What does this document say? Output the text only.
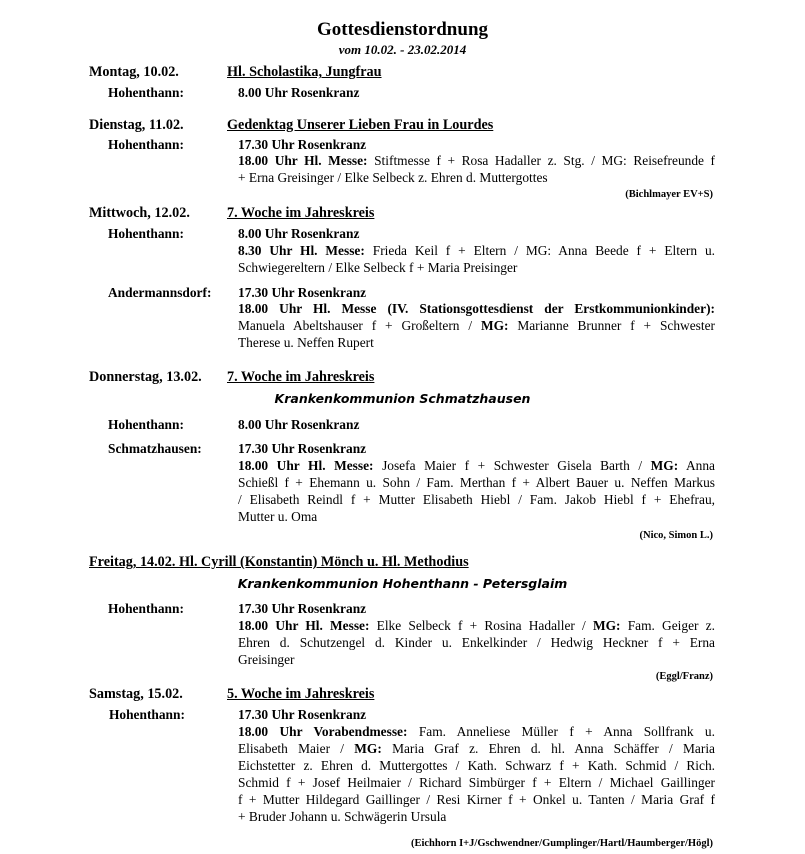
Gottesdienstordnung
vom 10.02. - 23.02.2014
Montag, 10.02.	Hl. Scholastika, Jungfrau
Hohenthann:	8.00 Uhr Rosenkranz
Dienstag, 11.02.	Gedenktag Unserer Lieben Frau in Lourdes
Hohenthann:	17.30 Uhr Rosenkranz
18.00 Uhr Hl. Messe: Stiftmesse f + Rosa Hadaller z. Stg. / MG: Reisefreunde f
+ Erna Greisinger / Elke Selbeck z. Ehren d. Muttergottes
(Bichlmayer EV+S)
Mittwoch, 12.02.	7. Woche im Jahreskreis
Hohenthann:	8.00 Uhr Rosenkranz
8.30 Uhr Hl. Messe: Frieda Keil f + Eltern / MG: Anna Beede f + Eltern u.
Schwiegereltern / Elke Selbeck f + Maria Preisinger
Andermannsdorf: 17.30 Uhr Rosenkranz
18.00 Uhr Hl. Messe (IV. Stationsgottesdienst der Erstkommunionkinder):
Manuela Abeltshauser f + Großeltern / MG: Marianne Brunner f + Schwester
Therese u. Neffen Rupert
Donnerstag, 13.02. 7. Woche im Jahreskreis
Krankenkommunion Schmatzhausen
Hohenthann:	8.00 Uhr Rosenkranz
Schmatzhausen:	17.30 Uhr Rosenkranz
18.00 Uhr Hl. Messe: Josefa Maier f + Schwester Gisela Barth / MG: Anna
Schießl f + Ehemann u. Sohn / Fam. Merthan f + Albert Bauer u. Neffen Markus
/ Elisabeth Reindl f + Mutter Elisabeth Hiebl / Fam. Jakob Hiebl f + Ehefrau,
Mutter u. Oma
(Nico, Simon L.)
Freitag, 14.02. Hl. Cyrill (Konstantin) Mönch u. Hl. Methodius
Krankenkommunion Hohenthann - Petersglaim
Hohenthann:	17.30 Uhr Rosenkranz
18.00 Uhr Hl. Messe: Elke Selbeck f + Rosina Hadaller / MG: Fam. Geiger z.
Ehren d. Schutzengel d. Kinder u. Enkelkinder / Hedwig Heckner f + Erna
Greisinger
(Eggl/Franz)
Samstag, 15.02.	5. Woche im Jahreskreis
Hohenthann:	17.30 Uhr Rosenkranz
18.00 Uhr Vorabendmesse: Fam. Anneliese Müller f + Anna Sollfrank u.
Elisabeth Maier / MG: Maria Graf z. Ehren d. hl. Anna Schäffer / Maria
Eichstetter z. Ehren d. Muttergottes / Kath. Schwarz f + Kath. Schmid / Rich.
Schmid f + Josef Heilmaier / Richard Simbürger f + Eltern / Michael Gaillinger
f + Mutter Hildegard Gaillinger / Resi Kirner f + Onkel u. Tanten / Maria Graf f
+ Bruder Johann u. Schwägerin Ursula
(Eichhorn I+J/Gschwendner/Gumplinger/Hartl/Haumberger/Högl)
